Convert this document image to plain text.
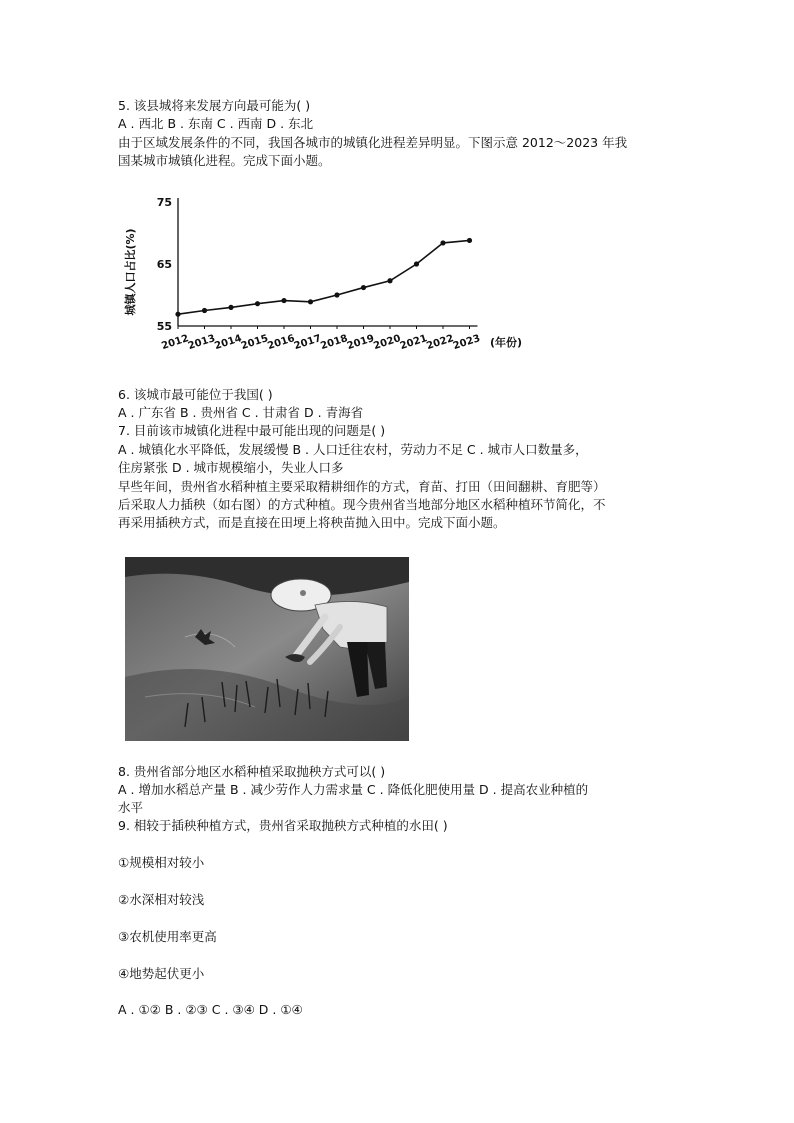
5. 该县城将来发展方向最可能为( )
A . 西北 B . 东南 C . 西南 D . 东北
由于区域发展条件的不同，我国各城市的城镇化进程差异明显。下图示意 2012～2023 年我
国某城市城镇化进程。完成下面小题。
城镇人口占比(%)
(年份)
55
65
75
2012
2013
2014
2015
2016
2017
2018
2019
2020
2021
2022
2023
6. 该城市最可能位于我国( )
A . 广东省 B . 贵州省 C . 甘肃省 D . 青海省
7. 目前该市城镇化进程中最可能出现的问题是( )
A . 城镇化水平降低，发展缓慢 B . 人口迁往农村，劳动力不足 C . 城市人口数量多，
住房紧张 D . 城市规模缩小，失业人口多
早些年间，贵州省水稻种植主要采取精耕细作的方式，育苗、打田（田间翻耕、育肥等）
后采取人力插秧（如右图）的方式种植。现今贵州省当地部分地区水稻种植环节简化，不
再采用插秧方式，而是直接在田埂上将秧苗抛入田中。完成下面小题。
8. 贵州省部分地区水稻种植采取抛秧方式可以( )
A . 增加水稻总产量 B . 减少劳作人力需求量 C . 降低化肥使用量 D . 提高农业种植的
水平
9. 相较于插秧种植方式，贵州省采取抛秧方式种植的水田( )
①规模相对较小
②水深相对较浅
③农机使用率更高
④地势起伏更小
A . ①② B . ②③ C . ③④ D . ①④
